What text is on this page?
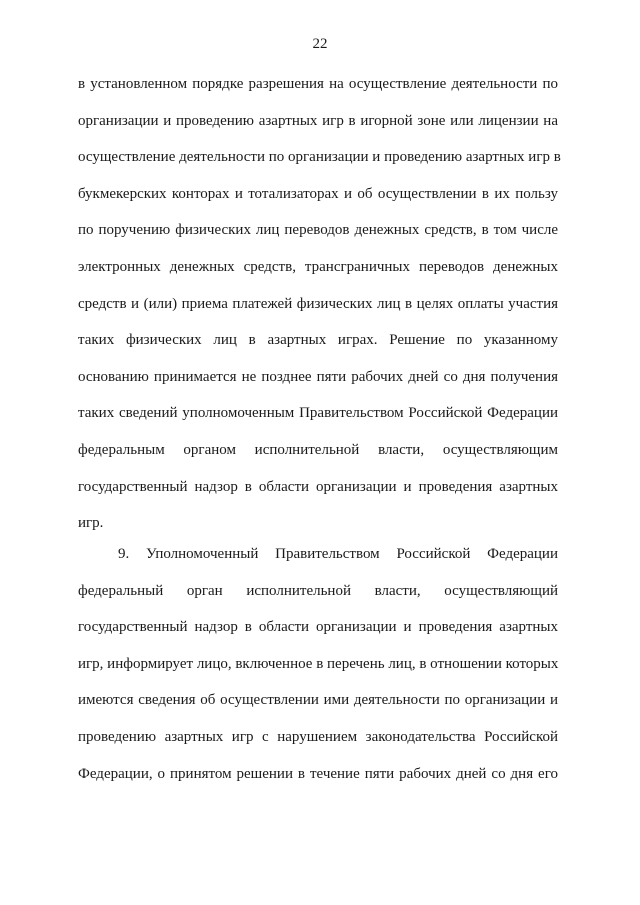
22
в установленном порядке разрешения на осуществление деятельности по
организации и проведению азартных игр в игорной зоне или лицензии на
осуществление деятельности по организации и проведению азартных игр в
букмекерских конторах и тотализаторах и об осуществлении в их пользу
по поручению физических лиц переводов денежных средств, в том числе
электронных денежных средств, трансграничных переводов денежных
средств и (или) приема платежей физических лиц в целях оплаты участия
таких физических лиц в азартных играх. Решение по указанному
основанию принимается не позднее пяти рабочих дней со дня получения
таких сведений уполномоченным Правительством Российской Федерации
федеральным органом исполнительной власти, осуществляющим
государственный надзор в области организации и проведения азартных
игр.
9. Уполномоченный Правительством Российской Федерации
федеральный орган исполнительной власти, осуществляющий
государственный надзор в области организации и проведения азартных
игр, информирует лицо, включенное в перечень лиц, в отношении которых
имеются сведения об осуществлении ими деятельности по организации и
проведению азартных игр с нарушением законодательства Российской
Федерации, о принятом решении в течение пяти рабочих дней со дня его
